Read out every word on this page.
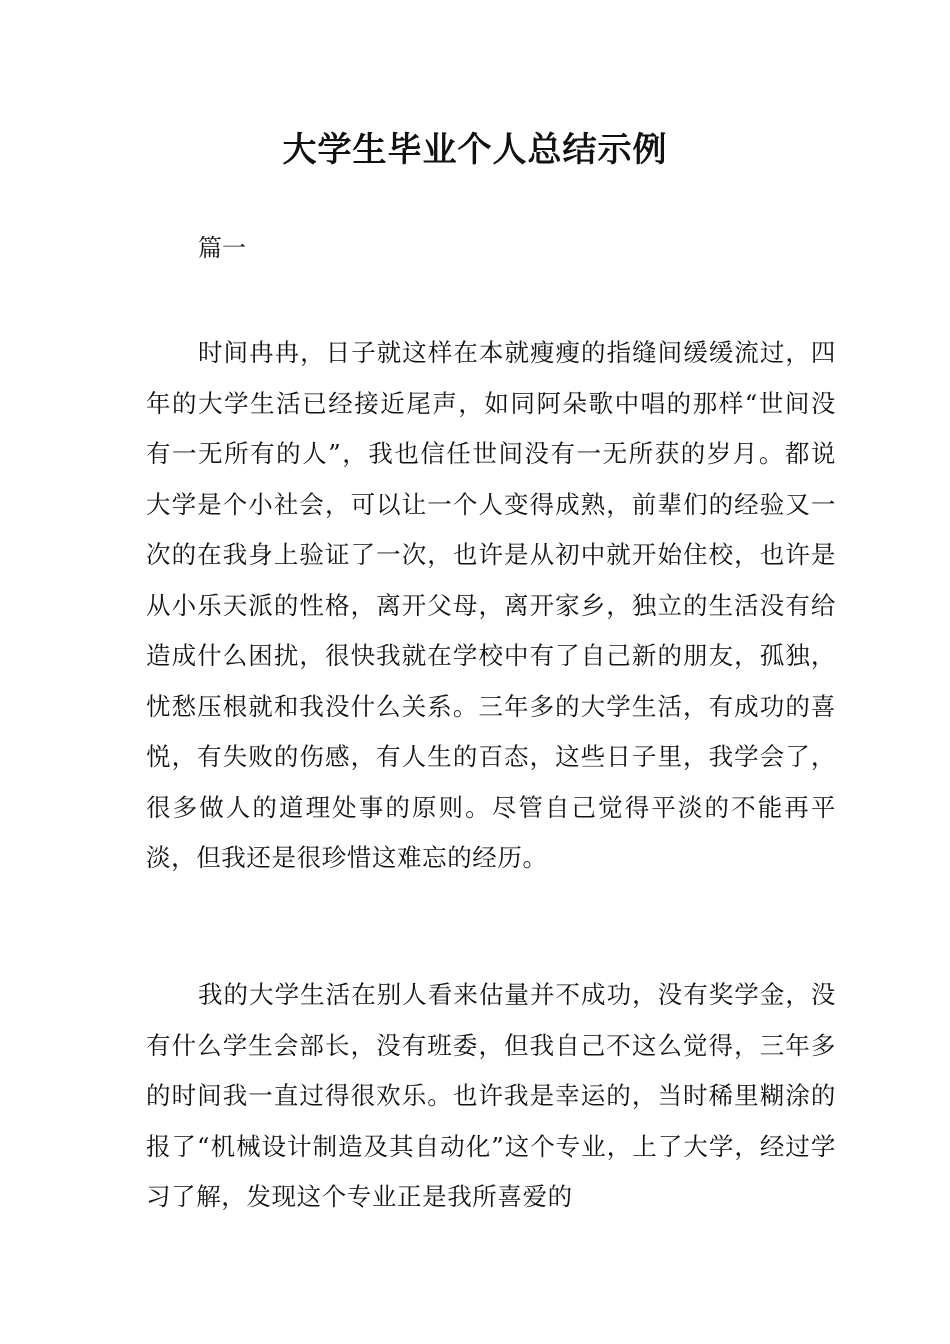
大学生毕业个人总结示例

篇一

时间冉冉，日子就这样在本就瘦瘦的指缝间缓缓流过，四年的大学生活已经接近尾声，如同阿朵歌中唱的那样“世间没有一无所有的人”，我也信任世间没有一无所获的岁月。都说大学是个小社会，可以让一个人变得成熟，前辈们的经验又一次的在我身上验证了一次，也许是从初中就开始住校，也许是从小乐天派的性格，离开父母，离开家乡，独立的生活没有给造成什么困扰，很快我就在学校中有了自己新的朋友，孤独，忧愁压根就和我没什么关系。三年多的大学生活，有成功的喜悦，有失败的伤感，有人生的百态，这些日子里，我学会了，很多做人的道理处事的原则。尽管自己觉得平淡的不能再平淡，但我还是很珍惜这难忘的经历。

我的大学生活在别人看来估量并不成功，没有奖学金，没有什么学生会部长，没有班委，但我自己不这么觉得，三年多的时间我一直过得很欢乐。也许我是幸运的，当时稀里糊涂的报了“机械设计制造及其自动化”这个专业，上了大学，经过学习了解，发现这个专业正是我所喜爱的
